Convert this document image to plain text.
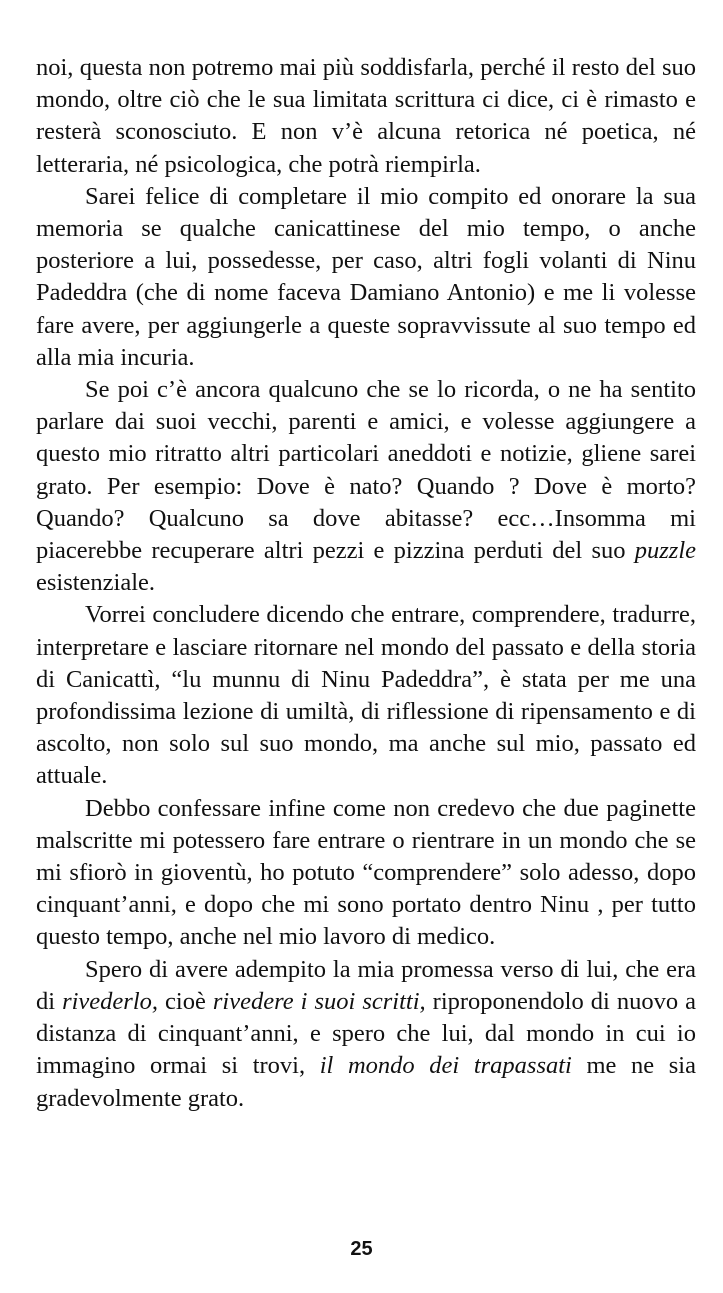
noi, questa non potremo mai più soddisfarla, perché il resto del suo mondo, oltre ciò che le sua limitata scrittura ci dice, ci è rimasto e resterà sconosciuto. E non v’è alcuna retorica né poetica, né letteraria, né psicologica, che potrà riempirla.

Sarei felice di completare il mio compito ed onorare la sua memoria se qualche canicattinese del mio tempo, o anche posteriore a lui, possedesse, per caso, altri fogli volanti di Ninu Padeddra (che di nome faceva Damiano Antonio) e me li volesse fare avere, per aggiungerle a queste sopravvissute al suo tempo ed alla mia incuria.

Se poi c’è ancora qualcuno che se lo ricorda, o ne ha sentito parlare dai suoi vecchi, parenti e amici, e volesse aggiungere a questo mio ritratto altri particolari aneddoti e notizie, gliene sarei grato. Per esempio: Dove è nato? Quando ? Dove è morto? Quando? Qualcuno sa dove abitasse? ecc…Insomma mi piacerebbe recuperare altri pezzi e pizzina perduti del suo puzzle esistenziale.

Vorrei concludere dicendo che entrare, comprendere, tradurre, interpretare e lasciare ritornare nel mondo del passato e della storia di Canicattì, “lu munnu di Ninu Padeddra”, è stata per me una profondissima lezione di umiltà, di riflessione di ripensamento e di ascolto, non solo sul suo mondo, ma anche sul mio, passato ed attuale.

Debbo confessare infine come non credevo che due paginette malscritte mi potessero fare entrare o rientrare in un mondo che se mi sfiorò in gioventù, ho potuto “comprendere” solo adesso, dopo cinquant’anni, e dopo che mi sono portato dentro Ninu , per tutto questo tempo, anche nel mio lavoro di medico.

Spero di avere adempito la mia promessa verso di lui, che era di rivederlo, cioè rivedere i suoi scritti, riproponendolo di nuovo a distanza di cinquant’anni, e spero che lui, dal mondo in cui io immagino ormai si trovi, il mondo dei trapassati me ne sia gradevolmente grato.

25
